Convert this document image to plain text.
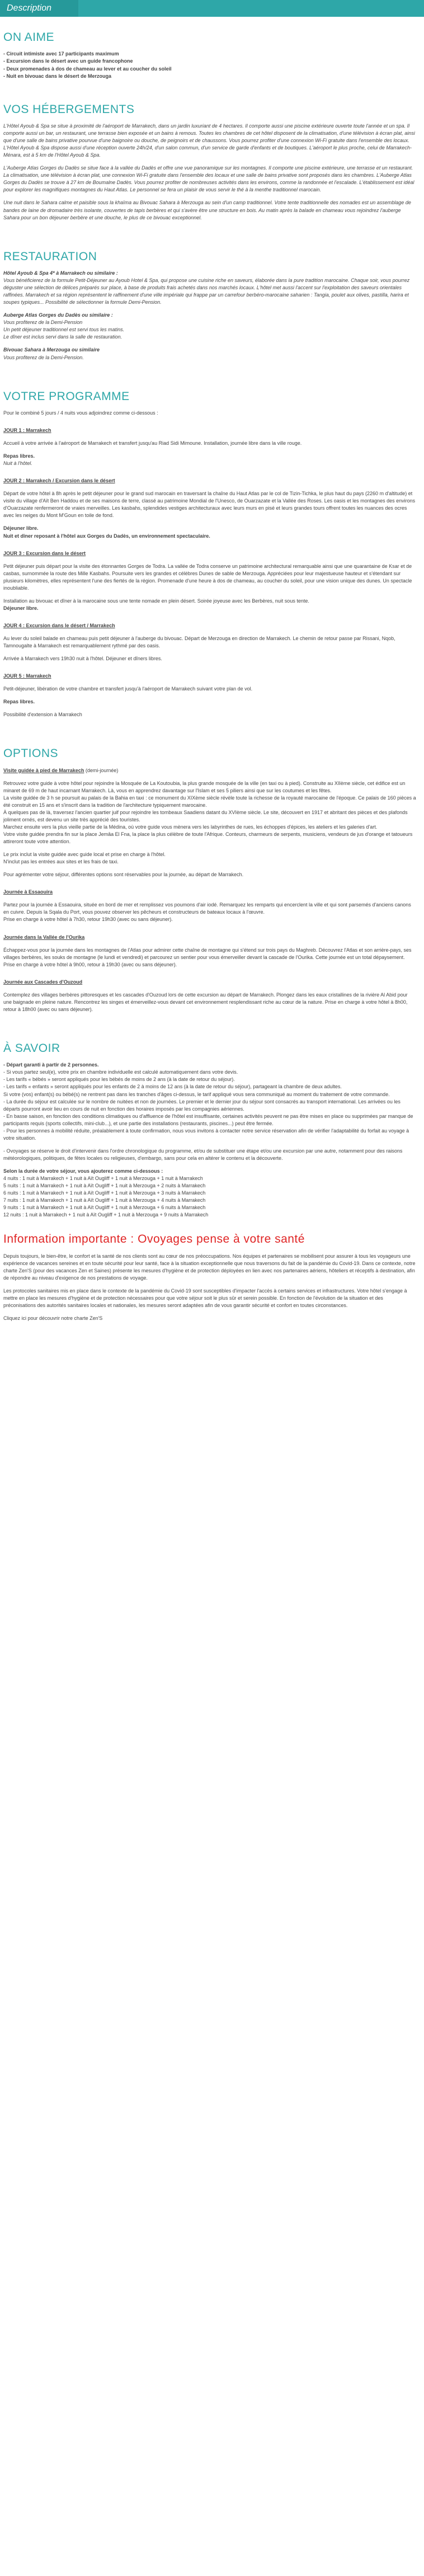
Description
ON AIME

- Circuit intimiste avec 17 participants maximum

- Excursion dans le désert avec un guide francophone

- Deux promenades à dos de chameau au lever et au coucher du soleil

- Nuit en bivouac dans le désert de Merzouga

VOS HÉBERGEMENTS

L'Hôtel Ayoub & Spa se situe à proximité de l'aéroport de Marrakech, dans un jardin luxuriant de 4 hectares. Il comporte aussi une piscine extérieure ouverte toute l'année et un spa. Il comporte aussi un bar, un restaurant, une terrasse bien exposée et un bains à remous. Toutes les chambres de cet hôtel disposent de la climatisation, d'une télévision à écran plat, ainsi que d'une salle de bains privative pourvue d'une baignoire ou douche, de peignoirs et de chaussons. Vous pourrez profiter d'une connexion Wi-Fi gratuite dans l'ensemble des locaux. L'Hôtel Ayoub & Spa dispose aussi d'une réception ouverte 24h/24, d'un salon commun, d'un service de garde d'enfants et de boutiques. L'aéroport le plus proche, celui de Marrakech-Ménara, est à 5 km de l'Hôtel Ayoub & Spa.

L'Auberge Atlas Gorges du Dadès se situe face à la vallée du Dadès et offre une vue panoramique sur les montagnes. Il comporte une piscine extérieure, une terrasse et un restaurant. La climatisation, une télévision à écran plat, une connexion Wi-Fi gratuite dans l'ensemble des locaux et une salle de bains privative sont proposés dans les chambres. L'Auberge Atlas Gorges du Dadès se trouve à 27 km de Boumalne Dadès. Vous pourrez profiter de nombreuses activités dans les environs, comme la randonnée et l'escalade. L'établissement est idéal pour explorer les magnifiques montagnes du Haut Atlas. Le personnel se fera un plaisir de vous servir le thé à la menthe traditionnel marocain.

Une nuit dans le Sahara calme et paisible sous la khaïma au Bivouac Sahara à Merzouga au sein d'un camp traditionnel. Votre tente traditionnelle des nomades est un assemblage de bandes de laine de dromadaire très isolante, couvertes de tapis berbères et qui s'avère être une structure en bois. Au matin après la balade en chameau vous rejoindrez l'auberge Sahara pour un bon déjeuner berbère et une douche, le plus de ce bivouac exceptionnel.

RESTAURATION

Hôtel Ayoub & Spa 4* à Marrakech ou similaire :

Vous bénéficierez de la formule Petit-Déjeuner au Ayoub Hotel & Spa, qui propose une cuisine riche en saveurs, élaborée dans la pure tradition marocaine. Chaque soir, vous pourrez déguster une sélection de délices préparés sur place, à base de produits frais achetés dans nos marchés locaux. L'hôtel met aussi l'accent sur l'exploitation des saveurs orientales raffinées. Marrakech et sa région représentent le raffinement d'une ville impériale qui frappe par un carrefour berbéro-marocaine saharien : Tangia, poulet aux olives, pastilla, harira et soupes typiques... Possibilité de sélectionner la formule Demi-Pension.

Auberge Atlas Gorges du Dadès ou similaire :

Vous profiterez de la Demi-Pension

Un petit déjeuner traditionnel est servi tous les matins.

Le dîner est inclus servi dans la salle de restauration.

Bivouac Sahara à Merzouga ou similaire

Vous profiterez de la Demi-Pension.

VOTRE PROGRAMME

Pour le combiné 5 jours / 4 nuits vous adjoindrez comme ci-dessous :

JOUR 1 : Marrakech

Accueil à votre arrivée à l'aéroport de Marrakech et transfert jusqu'au Riad Sidi Mimoune. Installation, journée libre dans la ville rouge.

Repas libres.

Nuit à l'hôtel.

JOUR 2 : Marrakech / Excursion dans le désert

Départ de votre hôtel à 8h après le petit déjeuner pour le grand sud marocain en traversant la chaîne du Haut Atlas par le col de Tizin-Tichka, le plus haut du pays (2260 m d'altitude) et visite du village d'Aït Ben Haddou et de ses maisons de terre, classé au patrimoine Mondial de l'Unesco, de Ouarzazate et la Vallée des Roses. Les oasis et les montagnes des environs d'Ouarzazate renfermeront de vraies merveilles. Les kasbahs, splendides vestiges architecturaux avec leurs murs en pisé et leurs grandes tours offrent toutes les nuances des ocres avec les neiges du Mont M'Goun en toile de fond.

Déjeuner libre.

Nuit et dîner reposant à l'hôtel aux Gorges du Dadès, un environnement spectaculaire.

JOUR 3 : Excursion dans le désert

Petit déjeuner puis départ pour la visite des étonnantes Gorges de Todra. La vallée de Todra conserve un patrimoine architectural remarquable ainsi que une quarantaine de Ksar et de casbas, surnommée la route des Mille Kasbahs. Poursuite vers les grandes et célèbres Dunes de sable de Merzouga. Appréciées pour leur majestueuse hauteur et s'étendant sur plusieurs kilomètres, elles représentent l'une des fiertés de la région. Promenade d'une heure à dos de chameau, au coucher du soleil, pour une vision unique des dunes. Un spectacle inoubliable.

Installation au bivouac et dîner à la marocaine sous une tente nomade en plein désert. Soirée joyeuse avec les Berbères, nuit sous tente.

Déjeuner libre.

JOUR 4 : Excursion dans le désert / Marrakech

Au lever du soleil balade en chameau puis petit déjeuner à l'auberge du bivouac. Départ de Merzouga en direction de Marrakech. Le chemin de retour passe par Rissani, Nqob, Tamnougalte à Marrakech est remarquablement rythmé par des oasis.

Arrivée à Marrakech vers 19h30 nuit à l'hôtel. Déjeuner et dîners libres.

JOUR 5 : Marrakech

Petit-déjeuner, libération de votre chambre et transfert jusqu'à l'aéroport de Marrakech suivant votre plan de vol.

Repas libres.

Possibilité d'extension à Marrakech

OPTIONS

Visite guidée à pied de Marrakech (demi-journée)

Retrouvez votre guide à votre hôtel pour rejoindre la Mosquée de La Koutoubia, la plus grande mosquée de la ville (en taxi ou à pied). Construite au XIIème siècle, cet édifice est un minaret de 69 m de haut incarnant Marrakech. Là, vous en apprendrez davantage sur l'Islam et ses 5 piliers ainsi que sur les coutumes et les fêtes.

La visite guidée de 3 h se poursuit au palais de la Bahia en taxi : ce monument du XIXème siècle révèle toute la richesse de la royauté marocaine de l'époque. Ce palais de 160 pièces a été construit en 15 ans et s'inscrit dans la tradition de l'architecture typiquement marocaine.

À quelques pas de là, traversez l'ancien quartier juif pour rejoindre les tombeaux Saadiens datant du XVIème siècle. Le site, découvert en 1917 et abritant des pièces et des plafonds joliment ornés, est devenu un site très apprécié des touristes.

Marchez ensuite vers la plus vieille partie de la Médina, où votre guide vous mènera vers les labyrinthes de rues, les échoppes d'épices, les ateliers et les galeries d'art.

Votre visite guidée prendra fin sur la place Jemâa El Fna, la place la plus célèbre de toute l'Afrique. Conteurs, charmeurs de serpents, musiciens, vendeurs de jus d'orange et tatoueurs attireront toute votre attention.

Le prix inclut la visite guidée avec guide local et prise en charge à l'hôtel.

N'inclut pas les entrées aux sites et les frais de taxi.

Pour agrémenter votre séjour, différentes options sont réservables pour la journée, au départ de Marrakech.

Journée à Essaouira

Partez pour la journée à Essaouira, située en bord de mer et remplissez vos poumons d'air iodé. Remarquez les remparts qui encerclent la ville et qui sont parsemés d'anciens canons en cuivre. Depuis la Sqala du Port, vous pouvez observer les pêcheurs et constructeurs de bateaux locaux à l'œuvre.

Prise en charge à votre hôtel à 7h30, retour 19h30 (avec ou sans déjeuner).

Journée dans la Vallée de l'Ourika

Échappez-vous pour la journée dans les montagnes de l'Atlas pour admirer cette chaîne de montagne qui s'étend sur trois pays du Maghreb. Découvrez l'Atlas et son arrière-pays, ses villages berbères, les souks de montagne (le lundi et vendredi) et parcourez un sentier pour vous émerveiller devant la cascade de l'Ourika. Cette journée est un total dépaysement.

Prise en charge à votre hôtel à 9h00, retour à 19h30 (avec ou sans déjeuner).

Journée aux Cascades d'Ouzoud

Contemplez des villages berbères pittoresques et les cascades d'Ouzoud lors de cette excursion au départ de Marrakech. Plongez dans les eaux cristallines de la rivière Al Abid pour une baignade en pleine nature. Rencontrez les singes et émerveillez-vous devant cet environnement resplendissant riche au cœur de la nature. Prise en charge à votre hôtel à 8h00, retour à 18h00 (avec ou sans déjeuner).

À SAVOIR

- Départ garanti à partir de 2 personnes.

- Si vous partez seul(e), votre prix en chambre individuelle est calculé automatiquement dans votre devis.

- Les tarifs « bébés » seront appliqués pour les bébés de moins de 2 ans (à la date de retour du séjour).

- Les tarifs « enfants » seront appliqués pour les enfants de 2 à moins de 12 ans (à la date de retour du séjour), partageant la chambre de deux adultes.

Si votre (vos) enfant(s) ou bébé(s) ne rentrent pas dans les tranches d'âges ci-dessus, le tarif appliqué vous sera communiqué au moment du traitement de votre commande.

- La durée du séjour est calculée sur le nombre de nuitées et non de journées. Le premier et le dernier jour du séjour sont consacrés au transport international. Les arrivées ou les départs pourront avoir lieu en cours de nuit en fonction des horaires imposés par les compagnies aériennes.

- En basse saison, en fonction des conditions climatiques ou d'affluence de l'hôtel est insuffisante, certaines activités peuvent ne pas être mises en place ou supprimées par manque de participants requis (sports collectifs, mini-club...), et une partie des installations (restaurants, piscines...) peut être fermée.

- Pour les personnes à mobilité réduite, préalablement à toute confirmation, nous vous invitons à contacter notre service réservation afin de vérifier l'adaptabilité du forfait au voyage à votre situation.

- Ovoyages se réserve le droit d'intervenir dans l'ordre chronologique du programme, et/ou de substituer une étape et/ou une excursion par une autre, notamment pour des raisons météorologiques, politiques, de fêtes locales ou religieuses, d'embargo, sans pour cela en altérer le contenu et la découverte.

Selon la durée de votre séjour, vous ajouterez comme ci-dessous :

4 nuits : 1 nuit à Marrakech + 1 nuit à Aït Ougliff + 1 nuit à Merzouga + 1 nuit à Marrakech

5 nuits : 1 nuit à Marrakech + 1 nuit à Aït Ougliff + 1 nuit à Merzouga + 2 nuits à Marrakech

6 nuits : 1 nuit à Marrakech + 1 nuit à Aït Ougliff + 1 nuit à Merzouga + 3 nuits à Marrakech

7 nuits : 1 nuit à Marrakech + 1 nuit à Aït Ougliff + 1 nuit à Merzouga + 4 nuits à Marrakech

9 nuits : 1 nuit à Marrakech + 1 nuit à Aït Ougliff + 1 nuit à Merzouga + 6 nuits à Marrakech

12 nuits : 1 nuit à Marrakech + 1 nuit à Aït Ougliff + 1 nuit à Merzouga + 9 nuits à Marrakech

Information importante : Ovoyages pense à votre santé

Depuis toujours, le bien-être, le confort et la santé de nos clients sont au cœur de nos préoccupations. Nos équipes et partenaires se mobilisent pour assurer à tous les voyageurs une expérience de vacances sereines et en toute sécurité pour leur santé, face à la situation exceptionnelle que nous traversons du fait de la pandémie du Covid-19. Dans ce contexte, notre charte Zen'S (pour des vacances Zen et Saines) présente les mesures d'hygiène et de protection déployées en lien avec nos partenaires aériens, hôteliers et réceptifs à destination, afin de répondre au niveau d'exigence de nos prestations de voyage.

Les protocoles sanitaires mis en place dans le contexte de la pandémie du Covid-19 sont susceptibles d'impacter l'accès à certains services et infrastructures. Votre hôtel s'engage à mettre en place les mesures d'hygiène et de protection nécessaires pour que votre séjour soit le plus sûr et serein possible. En fonction de l'évolution de la situation et des préconisations des autorités sanitaires locales et nationales, les mesures seront adaptées afin de vous garantir sécurité et confort en toutes circonstances.

Cliquez ici pour découvrir notre charte Zen'S
